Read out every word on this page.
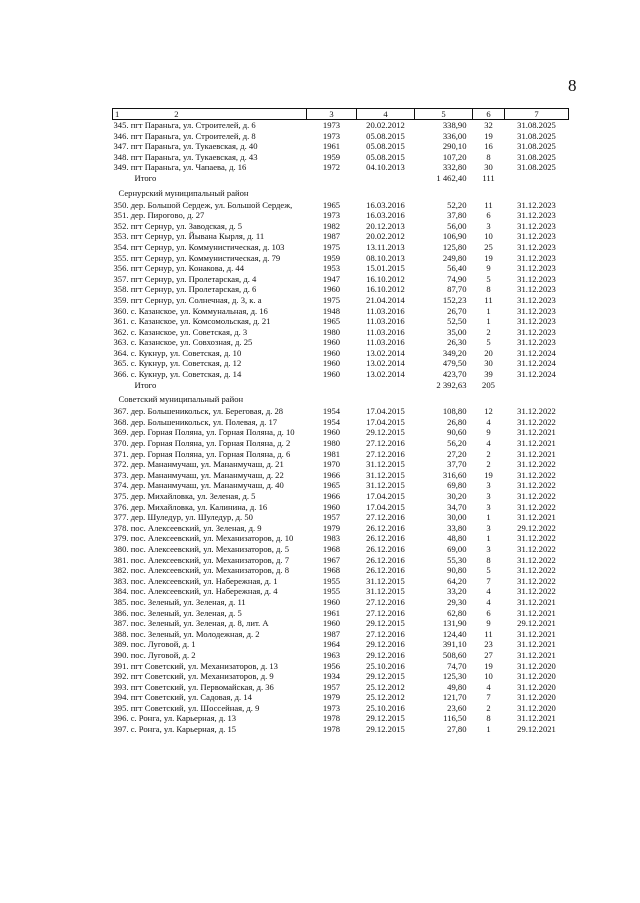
8
1 2	3	4	5	6	7
345. пгт Параньга, ул. Строителей, д. 6	1973	20.02.2012	338,90	32	31.08.2025
346. пгт Параньга, ул. Строителей, д. 8	1973	05.08.2015	336,00	19	31.08.2025
347. пгт Параньга, ул. Тукаевская, д. 40	1961	05.08.2015	290,10	16	31.08.2025
348. пгт Параньга, ул. Тукаевская, д. 43	1959	05.08.2015	107,20	8	31.08.2025
349. пгт Параньга, ул. Чапаева, д. 16	1972	04.10.2013	332,80	30	31.08.2025
Итого			1 462,40	111	
Сернурский муниципальный район					
350. дер. Большой Сердеж, ул. Большой Сердеж,	1965	16.03.2016	52,20	11	31.12.2023
351. дер. Пирогово, д. 27	1973	16.03.2016	37,80	6	31.12.2023
352. пгт Сернур, ул. Заводская, д. 5	1982	20.12.2013	56,00	3	31.12.2023
353. пгт Сернур, ул. Йывана Кырля, д. 11	1987	20.02.2012	106,90	10	31.12.2023
354. пгт Сернур, ул. Коммунистическая, д. 103	1975	13.11.2013	125,80	25	31.12.2023
355. пгт Сернур, ул. Коммунистическая, д. 79	1959	08.10.2013	249,80	19	31.12.2023
356. пгт Сернур, ул. Конакова, д. 44	1953	15.01.2015	56,40	9	31.12.2023
357. пгт Сернур, ул. Пролетарская, д. 4	1947	16.10.2012	74,90	5	31.12.2023
358. пгт Сернур, ул. Пролетарская, д. 6	1960	16.10.2012	87,70	8	31.12.2023
359. пгт Сернур, ул. Солнечная, д. 3, к. а	1975	21.04.2014	152,23	11	31.12.2023
360. с. Казанское, ул. Коммунальная, д. 16	1948	11.03.2016	26,70	1	31.12.2023
361. с. Казанское, ул. Комсомольская, д. 21	1965	11.03.2016	52,50	1	31.12.2023
362. с. Казанское, ул. Советская, д. 3	1980	11.03.2016	35,00	2	31.12.2023
363. с. Казанское, ул. Совхозная, д. 25	1960	11.03.2016	26,30	5	31.12.2023
364. с. Кукнур, ул. Советская, д. 10	1960	13.02.2014	349,20	20	31.12.2024
365. с. Кукнур, ул. Советская, д. 12	1960	13.02.2014	479,50	30	31.12.2024
366. с. Кукнур, ул. Советская, д. 14	1960	13.02.2014	423,70	39	31.12.2024
Итого			2 392,63	205	
Советский муниципальный район					
367. дер. Большеникольск, ул. Береговая, д. 28	1954	17.04.2015	108,80	12	31.12.2022
368. дер. Большеникольск, ул. Полевая, д. 17	1954	17.04.2015	26,80	4	31.12.2022
369. дер. Горная Поляна, ул. Горная Поляна, д. 10	1960	29.12.2015	90,60	9	31.12.2021
370. дер. Горная Поляна, ул. Горная Поляна, д. 2	1980	27.12.2016	56,20	4	31.12.2021
371. дер. Горная Поляна, ул. Горная Поляна, д. 6	1981	27.12.2016	27,20	2	31.12.2021
372. дер. Мананмучаш, ул. Мананмучаш, д. 21	1970	31.12.2015	37,70	2	31.12.2022
373. дер. Мананмучаш, ул. Мананмучаш, д. 22	1966	31.12.2015	316,60	19	31.12.2022
374. дер. Мананмучаш, ул. Мананмучаш, д. 40	1965	31.12.2015	69,80	3	31.12.2022
375. дер. Михайловка, ул. Зеленая, д. 5	1966	17.04.2015	30,20	3	31.12.2022
376. дер. Михайловка, ул. Калинина, д. 16	1960	17.04.2015	34,70	3	31.12.2022
377. дер. Шуледур, ул. Шуледур, д. 50	1957	27.12.2016	30,00	1	31.12.2021
378. пос. Алексеевский, ул. Зеленая, д. 9	1979	26.12.2016	33,80	3	29.12.2022
379. пос. Алексеевский, ул. Механизаторов, д. 10	1983	26.12.2016	48,80	1	31.12.2022
380. пос. Алексеевский, ул. Механизаторов, д. 5	1968	26.12.2016	69,00	3	31.12.2022
381. пос. Алексеевский, ул. Механизаторов, д. 7	1967	26.12.2016	55,30	8	31.12.2022
382. пос. Алексеевский, ул. Механизаторов, д. 8	1968	26.12.2016	90,80	5	31.12.2022
383. пос. Алексеевский, ул. Набережная, д. 1	1955	31.12.2015	64,20	7	31.12.2022
384. пос. Алексеевский, ул. Набережная, д. 4	1955	31.12.2015	33,20	4	31.12.2022
385. пос. Зеленый, ул. Зеленая, д. 11	1960	27.12.2016	29,30	4	31.12.2021
386. пос. Зеленый, ул. Зеленая, д. 5	1961	27.12.2016	62,80	6	31.12.2021
387. пос. Зеленый, ул. Зеленая, д. 8, лит. А	1960	29.12.2015	131,90	9	29.12.2021
388. пос. Зеленый, ул. Молодежная, д. 2	1987	27.12.2016	124,40	11	31.12.2021
389. пос. Луговой, д. 1	1964	29.12.2016	391,10	23	31.12.2021
390. пос. Луговой, д. 2	1963	29.12.2016	508,60	27	31.12.2021
391. пгт Советский, ул. Механизаторов, д. 13	1956	25.10.2016	74,70	19	31.12.2020
392. пгт Советский, ул. Механизаторов, д. 9	1934	29.12.2015	125,30	10	31.12.2020
393. пгт Советский, ул. Первомайская, д. 36	1957	25.12.2012	49,80	4	31.12.2020
394. пгт Советский, ул. Садовая, д. 14	1979	25.12.2012	121,70	7	31.12.2020
395. пгт Советский, ул. Шоссейная, д. 9	1973	25.10.2016	23,60	2	31.12.2020
396. с. Ронга, ул. Карьерная, д. 13	1978	29.12.2015	116,50	8	31.12.2021
397. с. Ронга, ул. Карьерная, д. 15	1978	29.12.2015	27,80	1	29.12.2021
